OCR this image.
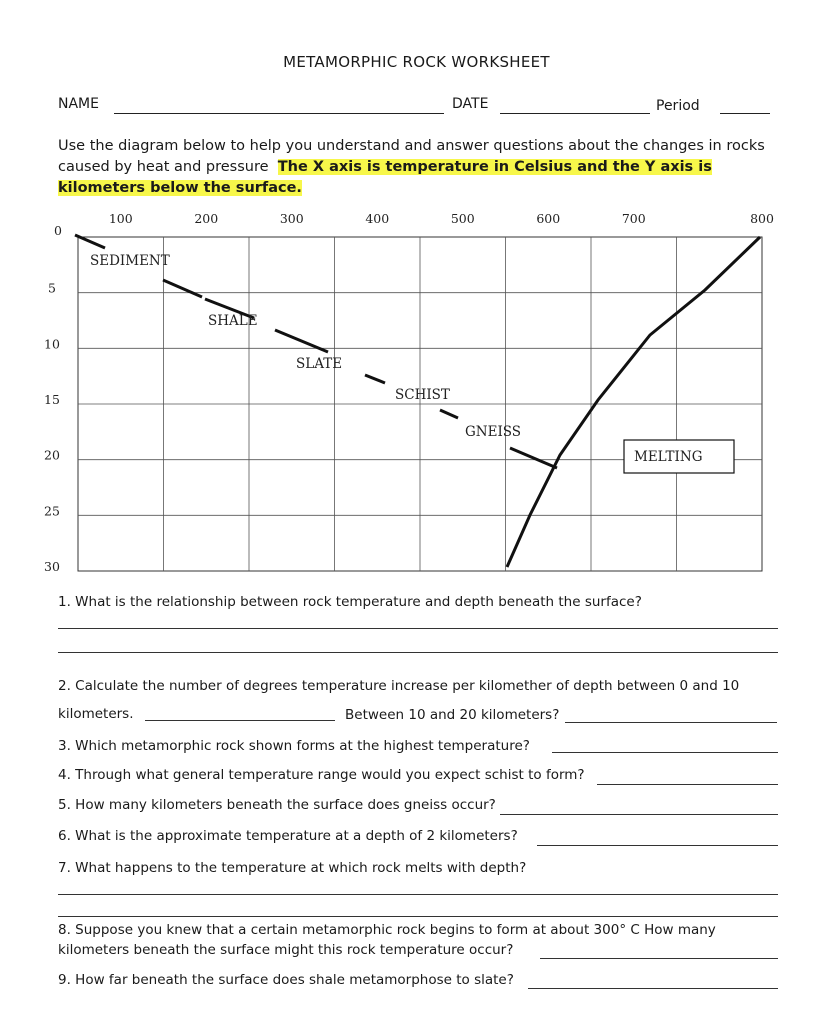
METAMORPHIC ROCK WORKSHEET
NAME	DATE	Period
Use the diagram below to help you understand and answer questions about the changes in rocks caused by heat and pressure The X axis is temperature in Celsius and the Y axis is kilometers below the surface.
100	200	300	400	500	600	700	800
0
5
10
15
20
25
30
SEDIMENT
SHALE
SLATE
SCHIST
GNEISS
MELTING
1. What is the relationship between rock temperature and depth beneath the surface?
2. Calculate the number of degrees temperature increase per kilomether of depth between 0 and 10
kilometers.	Between 10 and 20 kilometers?
3. Which metamorphic rock shown forms at the highest temperature?
4. Through what general temperature range would you expect schist to form?
5. How many kilometers beneath the surface does gneiss occur?
6. What is the approximate temperature at a depth of 2 kilometers?
7. What happens to the temperature at which rock melts with depth?
8. Suppose you knew that a certain metamorphic rock begins to form at about 300° C How many
kilometers beneath the surface might this rock temperature occur?
9. How far beneath the surface does shale metamorphose to slate?
